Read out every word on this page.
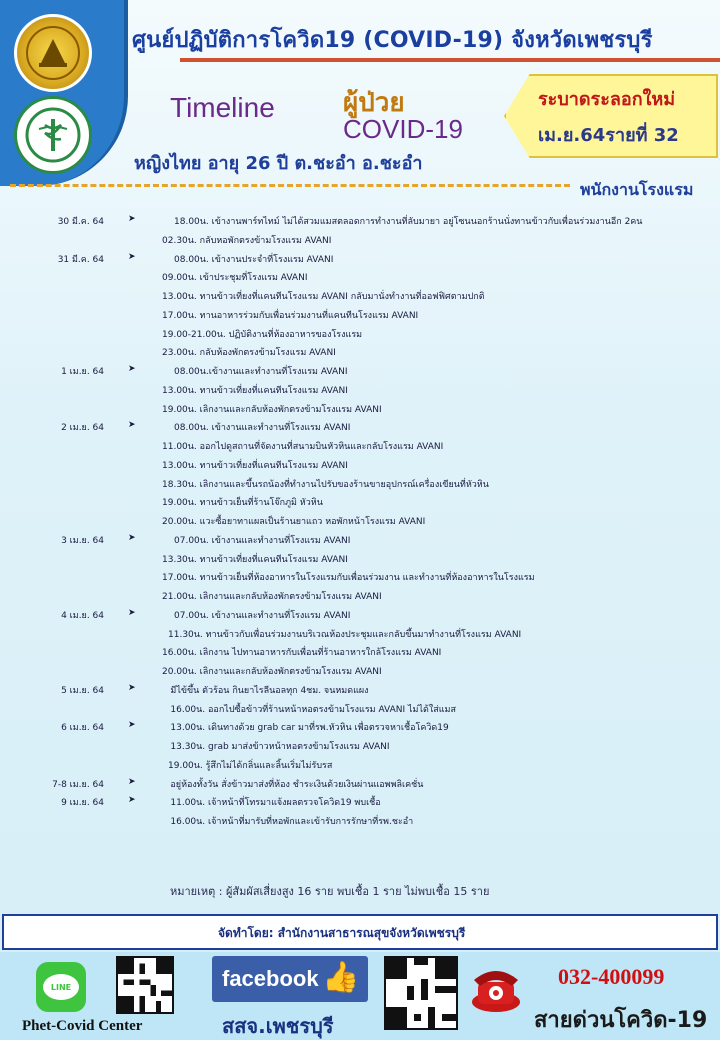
ศูนย์ปฏิบัติการโควิด19 (COVID-19) จังหวัดเพชรบุรี
Timeline	ผู้ป่วย
COVID-19
ระบาดระลอกใหม่
เม.ย.64รายที่ 32
หญิงไทย อายุ 26 ปี ต.ชะอำ อ.ชะอำ
พนักงานโรงแรม
30 มี.ค. 64	➤	18.00น. เข้างานพาร์ทไทม์ ไม่ได้สวมแมสตลอดการทำงานที่ลับมายา อยู่โซนนอกร้านนั่งทานข้าวกับเพื่อนร่วมงานอีก 2คน
02.30น. กลับหอพักตรงข้ามโรงแรม AVANI
31 มี.ค. 64	➤	08.00น. เข้างานประจำที่โรงแรม AVANI
09.00น. เข้าประชุมที่โรงแรม AVANI
13.00น. ทานข้าวเที่ยงที่แคนทีนโรงแรม AVANI กลับมานั่งทำงานที่ออฟฟิศตามปกติ
17.00น. ทานอาหารร่วมกับเพื่อนร่วมงานที่แคนทีนโรงแรม AVANI
19.00-21.00น. ปฏิบัติงานที่ห้องอาหารของโรงแรม
23.00น. กลับห้องพักตรงข้ามโรงแรม AVANI
1 เม.ย. 64	➤	08.00น.เข้างานและทำงานที่โรงแรม AVANI
13.00น. ทานข้าวเที่ยงที่แคนทีนโรงแรม AVANI
19.00น. เลิกงานและกลับห้องพักตรงข้ามโรงแรม AVANI
2 เม.ย. 64	➤	08.00น. เข้างานและทำงานที่โรงแรม AVANI
11.00น. ออกไปดูสถานที่จัดงานที่สนามบินหัวหินและกลับโรงแรม AVANI
13.00น. ทานข้าวเที่ยงที่แคนทีนโรงแรม AVANI
18.30น. เลิกงานและขึ้นรถน้องที่ทำงานไปรับของร้านขายอุปกรณ์เครื่องเขียนที่หัวหิน
19.00น. ทานข้าวเย็นที่ร้านโจ๊กภูมิ หัวหิน
20.00น. แวะซื้อยาทาแผลเป็นร้านยาแถว หอพักหน้าโรงแรม AVANI
3 เม.ย. 64	➤	07.00น. เข้างานและทำงานที่โรงแรม AVANI
13.30น. ทานข้าวเที่ยงที่แคนทีนโรงแรม AVANI
17.00น. ทานข้าวเย็นที่ห้องอาหารในโรงแรมกับเพื่อนร่วมงาน และทำงานที่ห้องอาหารในโรงแรม
21.00น. เลิกงานและกลับห้องพักตรงข้ามโรงแรม AVANI
4 เม.ย. 64	➤	07.00น. เข้างานและทำงานที่โรงแรม AVANI
11.30น. ทานข้าวกับเพื่อนร่วมงานบริเวณห้องประชุมและกลับขึ้นมาทำงานที่โรงแรม AVANI
16.00น. เลิกงาน ไปทานอาหารกับเพื่อนที่ร้านอาหารใกล้โรงแรม AVANI
20.00น. เลิกงานและกลับห้องพักตรงข้ามโรงแรม AVANI
5 เม.ย. 64	➤	มีไข้ขึ้น ตัวร้อน กินยาไรลีนอลทุก 4ชม. จนหมดแผง
16.00น. ออกไปซื้อข้าวที่ร้านหน้าหอตรงข้ามโรงแรม AVANI ไม่ได้ใส่แมส
6 เม.ย. 64	➤	13.00น. เดินทางด้วย grab car มาที่รพ.หัวหิน เพื่อตรวจหาเชื้อโควิด19
13.30น. grab มาส่งข้าวหน้าหอตรงข้ามโรงแรม AVANI
19.00น. รู้สึกไม่ได้กลิ่นและลิ้นเริ่มไม่รับรส
7-8 เม.ย. 64	➤	อยู่ห้องทั้งวัน สั่งข้าวมาส่งที่ห้อง ชำระเงินด้วยเงินผ่านแอพพลิเคชั่น
9 เม.ย. 64	➤	11.00น. เจ้าหน้าที่โทรมาแจ้งผลตรวจโควิด19 พบเชื้อ
16.00น. เจ้าหน้าที่มารับที่หอพักและเข้ารับการรักษาที่รพ.ชะอำ
หมายเหตุ : ผู้สัมผัสเสี่ยงสูง 16 ราย พบเชื้อ 1 ราย ไม่พบเชื้อ 15 ราย
จัดทำโดย: สำนักงานสาธารณสุขจังหวัดเพชรบุรี
LINE
Phet-Covid Center
facebook 👍
สสจ.เพชรบุรี
032-400099
สายด่วนโควิด-19
